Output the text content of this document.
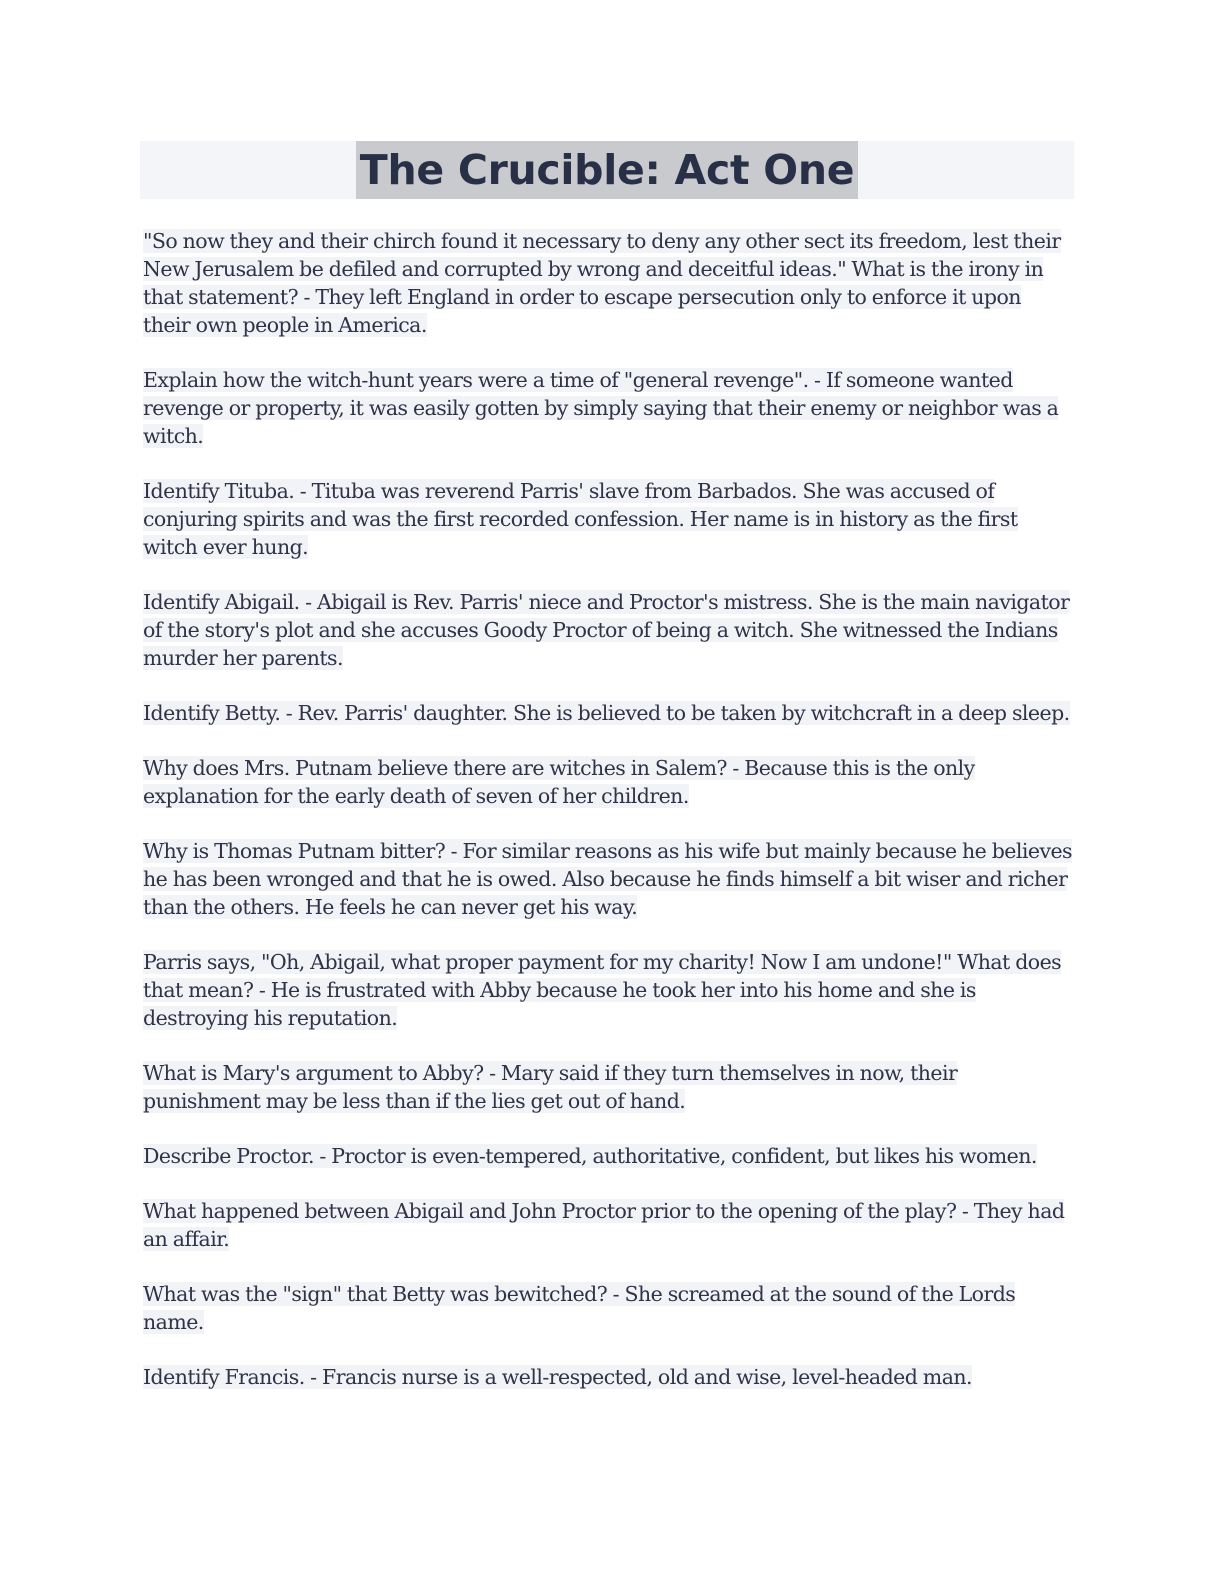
The Crucible: Act One

"So now they and their chirch found it necessary to deny any other sect its freedom, lest their New Jerusalem be defiled and corrupted by wrong and deceitful ideas." What is the irony in that statement? - They left England in order to escape persecution only to enforce it upon their own people in America.

Explain how the witch-hunt years were a time of "general revenge". - If someone wanted revenge or property, it was easily gotten by simply saying that their enemy or neighbor was a witch.

Identify Tituba. - Tituba was reverend Parris' slave from Barbados. She was accused of conjuring spirits and was the first recorded confession. Her name is in history as the first witch ever hung.

Identify Abigail. - Abigail is Rev. Parris' niece and Proctor's mistress. She is the main navigator of the story's plot and she accuses Goody Proctor of being a witch. She witnessed the Indians murder her parents.

Identify Betty. - Rev. Parris' daughter. She is believed to be taken by witchcraft in a deep sleep.

Why does Mrs. Putnam believe there are witches in Salem? - Because this is the only explanation for the early death of seven of her children.

Why is Thomas Putnam bitter? - For similar reasons as his wife but mainly because he believes he has been wronged and that he is owed. Also because he finds himself a bit wiser and richer than the others. He feels he can never get his way.

Parris says, "Oh, Abigail, what proper payment for my charity! Now I am undone!" What does that mean? - He is frustrated with Abby because he took her into his home and she is destroying his reputation.

What is Mary's argument to Abby? - Mary said if they turn themselves in now, their punishment may be less than if the lies get out of hand.

Describe Proctor. - Proctor is even-tempered, authoritative, confident, but likes his women.

What happened between Abigail and John Proctor prior to the opening of the play? - They had an affair.

What was the "sign" that Betty was bewitched? - She screamed at the sound of the Lords name.

Identify Francis. - Francis nurse is a well-respected, old and wise, level-headed man.
